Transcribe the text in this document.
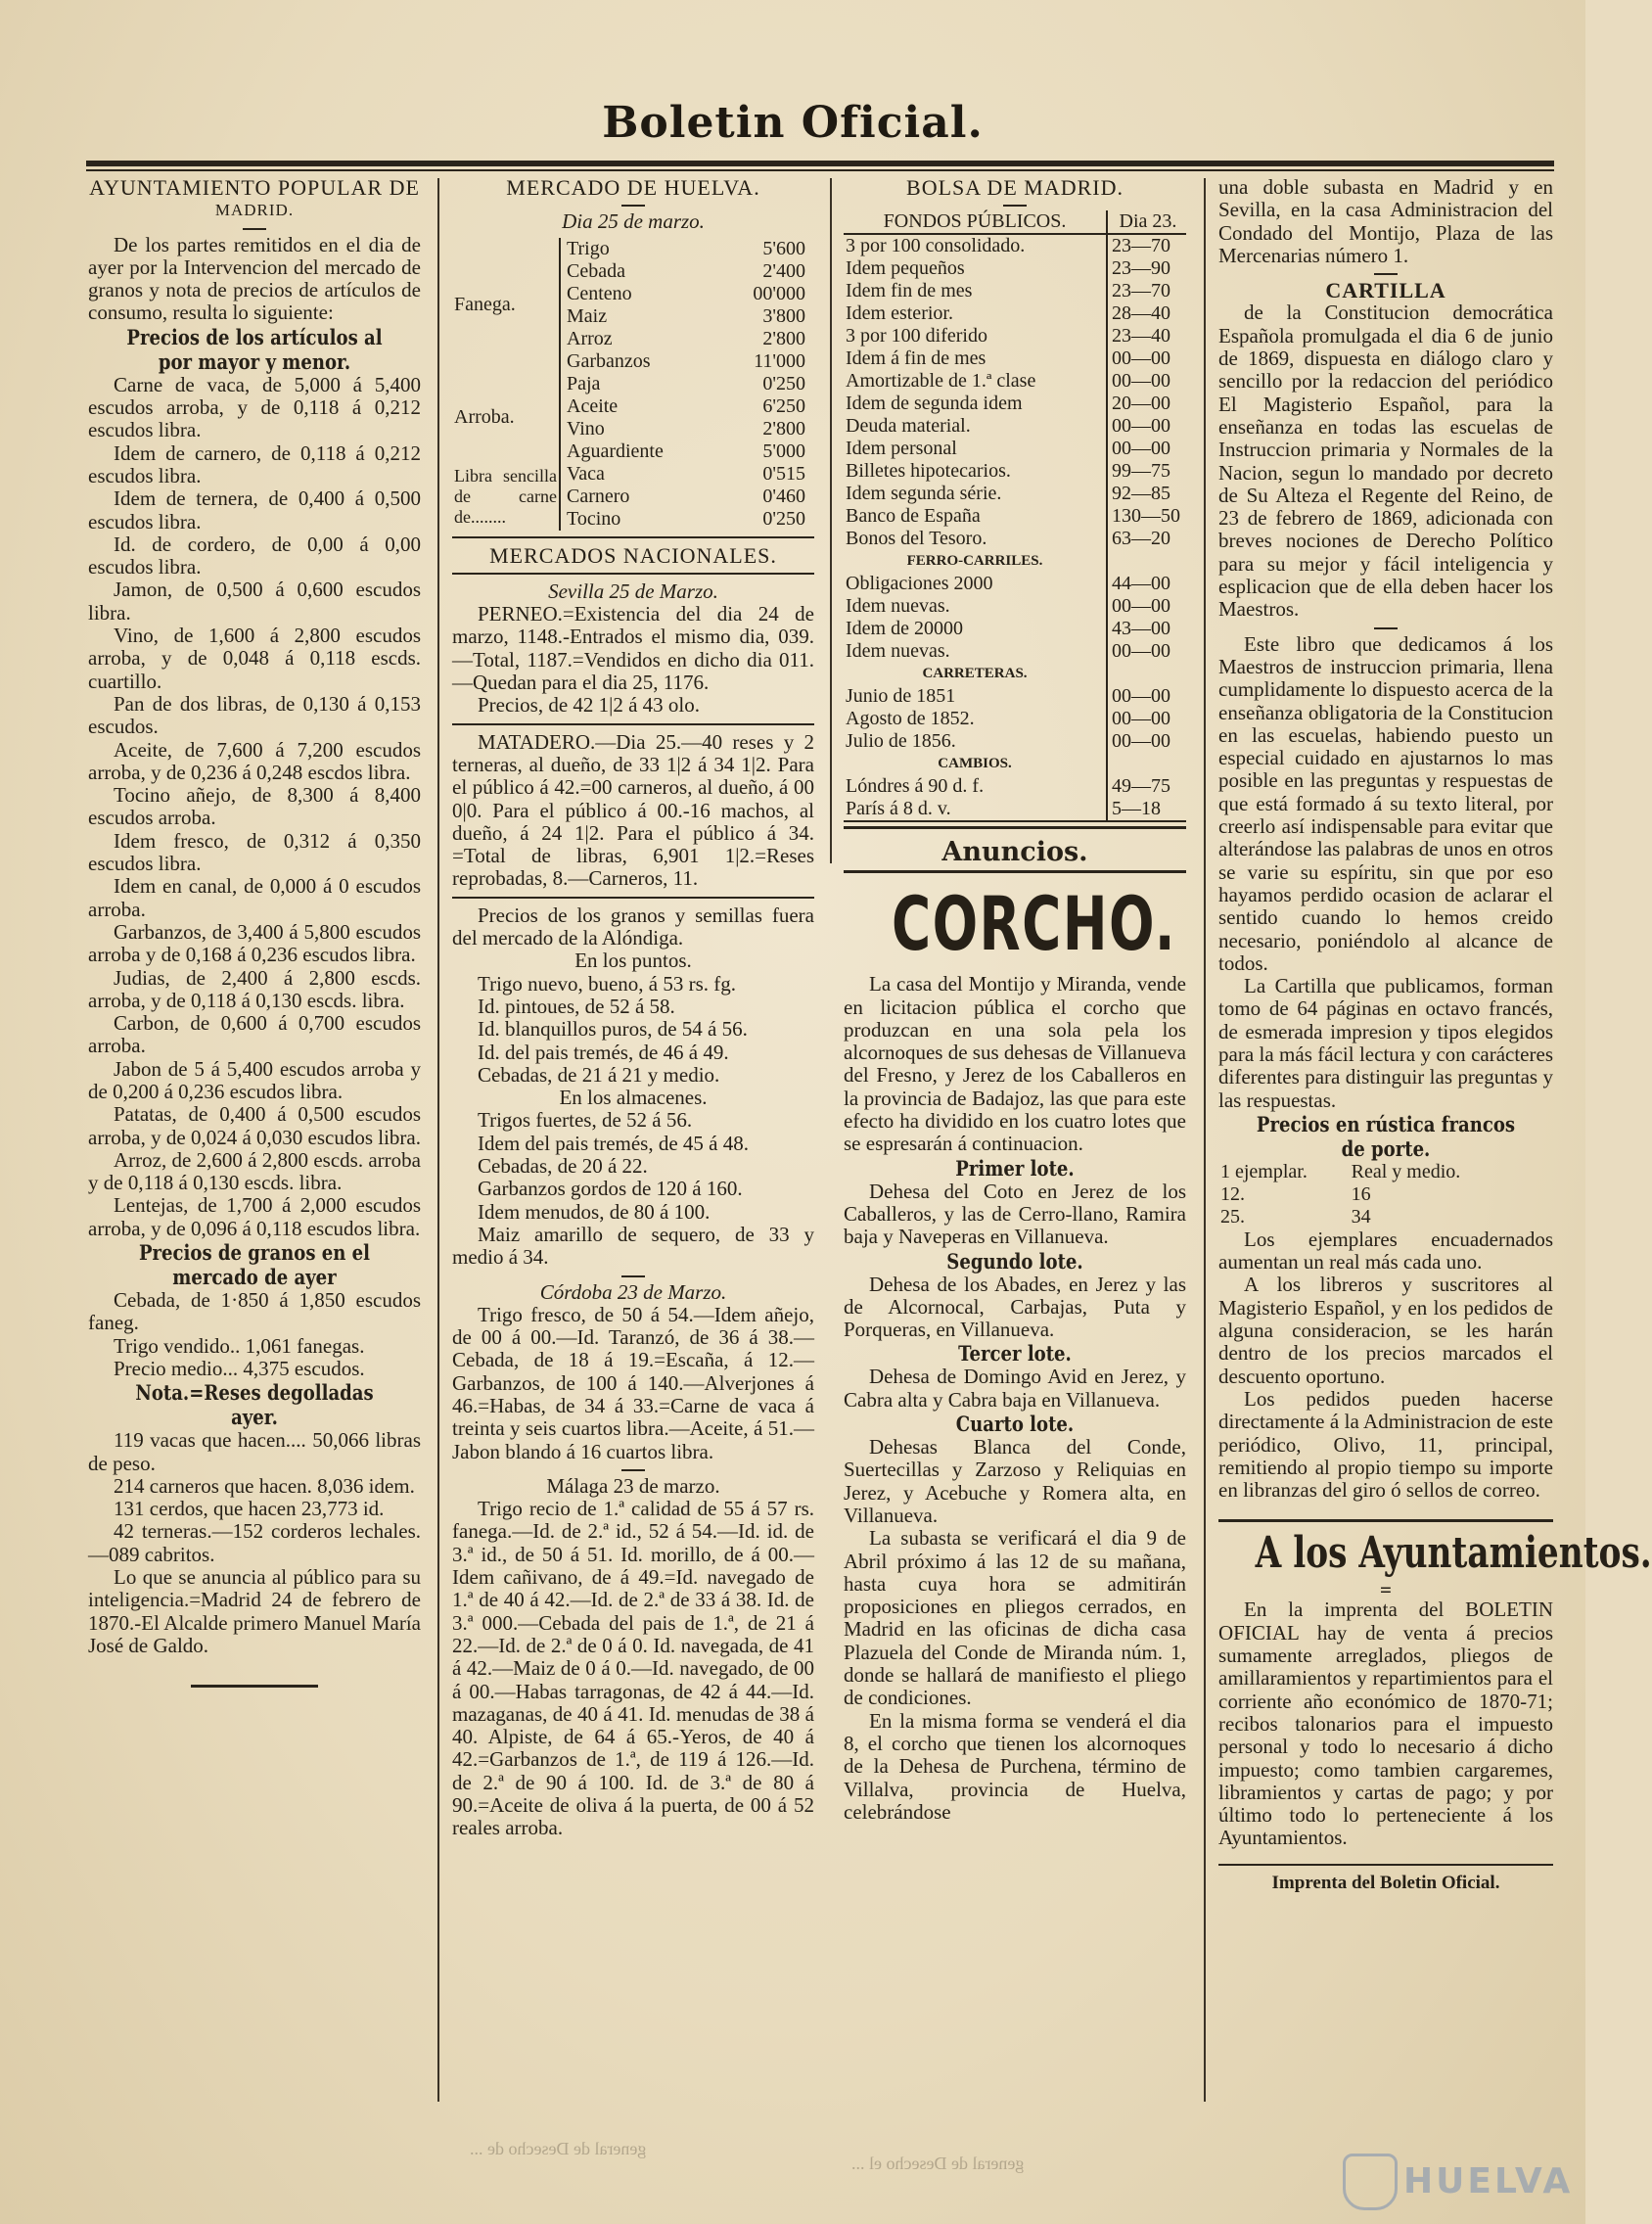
Boletin Oficial.
AYUNTAMIENTO POPULAR DE
MADRID.

De los partes remitidos en el dia de ayer por la Intervencion del mercado de granos y nota de precios de artículos de consumo, resulta lo siguiente:

Precios de los artículos al por mayor y menor.

Carne de vaca, de 5,000 á 5,400 escudos arroba, y de 0,118 á 0,212 escudos libra.

Idem de carnero, de 0,118 á 0,212 escudos libra.

Idem de ternera, de 0,400 á 0,500 escudos libra.

Id. de cordero, de 0,00 á 0,00 escudos libra.

Jamon, de 0,500 á 0,600 escudos libra.

Vino, de 1,600 á 2,800 escudos arroba, y de 0,048 á 0,118 escds. cuartillo.

Pan de dos libras, de 0,130 á 0,153 escudos.

Aceite, de 7,600 á 7,200 escudos arroba, y de 0,236 á 0,248 escdos libra.

Tocino añejo, de 8,300 á 8,400 escudos arroba.

Idem fresco, de 0,312 á 0,350 escudos libra.

Idem en canal, de 0,000 á 0 escudos arroba.

Garbanzos, de 3,400 á 5,800 escudos arroba y de 0,168 á 0,236 escudos libra.

Judias, de 2,400 á 2,800 escds. arroba, y de 0,118 á 0,130 escds. libra.

Carbon, de 0,600 á 0,700 escudos arroba.

Jabon de 5 á 5,400 escudos arroba y de 0,200 á 0,236 escudos libra.

Patatas, de 0,400 á 0,500 escudos arroba, y de 0,024 á 0,030 escudos libra.

Arroz, de 2,600 á 2,800 escds. arroba y de 0,118 á 0,130 escds. libra.

Lentejas, de 1,700 á 2,000 escudos arroba, y de 0,096 á 0,118 escudos libra.

Precios de granos en el mercado de ayer

Cebada, de 1·850 á 1,850 escudos faneg.

Trigo vendido.. 1,061 fanegas.

Precio medio... 4,375 escudos.

Nota.=Reses degolladas ayer.

119 vacas que hacen.... 50,066 libras de peso.

214 carneros que hacen. 8,036 idem.

131 cerdos, que hacen 23,773 id.

42 terneras.—152 corderos lechales.—089 cabritos.

Lo que se anuncia al público para su inteligencia.=Madrid 24 de febrero de 1870.-El Alcalde primero Manuel María José de Galdo.

MERCADO DE HUELVA.
Dia 25 de marzo.
Fanega.	Trigo	5'600
	Cebada	2'400
	Centeno	00'000
	Maiz	3'800
	Arroz	2'800
	Garbanzos	11'000
Arroba.	Paja	0'250
	Aceite	6'250
	Vino	2'800
	Aguardiente	5'000
Libra sencilla de carne de........	Vaca	0'515
	Carnero	0'460
	Tocino	0'250
MERCADOS NACIONALES.
Sevilla 25 de Marzo.

PERNEO.=Existencia del dia 24 de marzo, 1148.-Entrados el mismo dia, 039.—Total, 1187.=Vendidos en dicho dia 011.—Quedan para el dia 25, 1176.

Precios, de 42 1|2 á 43 olo.

MATADERO.—Dia 25.—40 reses y 2 terneras, al dueño, de 33 1|2 á 34 1|2. Para el público á 42.=00 carneros, al dueño, á 00 0|0. Para el público á 00.-16 machos, al dueño, á 24 1|2. Para el público á 34. =Total de libras, 6,901 1|2.=Reses reprobadas, 8.—Carneros, 11.

Precios de los granos y semillas fuera del mercado de la Alóndiga.

En los puntos.

Trigo nuevo, bueno, á 53 rs. fg.

Id. pintoues, de 52 á 58.

Id. blanquillos puros, de 54 á 56.

Id. del pais tremés, de 46 á 49.

Cebadas, de 21 á 21 y medio.

En los almacenes.

Trigos fuertes, de 52 á 56.

Idem del pais tremés, de 45 á 48.

Cebadas, de 20 á 22.

Garbanzos gordos de 120 á 160.

Idem menudos, de 80 á 100.

Maiz amarillo de sequero, de 33 y medio á 34.

Córdoba 23 de Marzo.

Trigo fresco, de 50 á 54.—Idem añejo, de 00 á 00.—Id. Taranzó, de 36 á 38.—Cebada, de 18 á 19.=Escaña, á 12.—Garbanzos, de 100 á 140.—Alverjones á 46.=Habas, de 34 á 33.=Carne de vaca á treinta y seis cuartos libra.—Aceite, á 51.—Jabon blando á 16 cuartos libra.

Málaga 23 de marzo.

Trigo recio de 1.ª calidad de 55 á 57 rs. fanega.—Id. de 2.ª id., 52 á 54.—Id. id. de 3.ª id., de 50 á 51. Id. morillo, de á 00.—Idem cañivano, de á 49.=Id. navegado de 1.ª de 40 á 42.—Id. de 2.ª de 33 á 38. Id. de 3.ª 000.—Cebada del pais de 1.ª, de 21 á 22.—Id. de 2.ª de 0 á 0. Id. navegada, de 41 á 42.—Maiz de 0 á 0.—Id. navegado, de 00 á 00.—Habas tarragonas, de 42 á 44.—Id. mazaganas, de 40 á 41. Id. menudas de 38 á 40. Alpiste, de 64 á 65.-Yeros, de 40 á 42.=Garbanzos de 1.ª, de 119 á 126.—Id. de 2.ª de 90 á 100. Id. de 3.ª de 80 á 90.=Aceite de oliva á la puerta, de 00 á 52 reales arroba.

BOLSA DE MADRID.
FONDOS PÚBLICOS.	Dia 23.
3 por 100 consolidado.	23—70
Idem pequeños	23—90
Idem fin de mes	23—70
Idem esterior.	28—40
3 por 100 diferido	23—40
Idem á fin de mes	00—00
Amortizable de 1.ª clase	00—00
Idem de segunda idem	20—00
Deuda material.	00—00
Idem personal	00—00
Billetes hipotecarios.	99—75
Idem segunda série.	92—85
Banco de España	130—50
Bonos del Tesoro.	63—20
FERRO-CARRILES.	
Obligaciones 2000	44—00
Idem nuevas.	00—00
Idem de 20000	43—00
Idem nuevas.	00—00
CARRETERAS.	
Junio de 1851	00—00
Agosto de 1852.	00—00
Julio de 1856.	00—00
CAMBIOS.	
Lóndres á 90 d. f.	49—75
París á 8 d. v.	5—18
Anuncios.
CORCHO.

La casa del Montijo y Miranda, vende en licitacion pública el corcho que produzcan en una sola pela los alcornoques de sus dehesas de Villanueva del Fresno, y Jerez de los Caballeros en la provincia de Badajoz, las que para este efecto ha dividido en los cuatro lotes que se espresarán á continuacion.

Primer lote.

Dehesa del Coto en Jerez de los Caballeros, y las de Cerro-llano, Ramira baja y Naveperas en Villanueva.

Segundo lote.

Dehesa de los Abades, en Jerez y las de Alcornocal, Carbajas, Puta y Porqueras, en Villanueva.

Tercer lote.

Dehesa de Domingo Avid en Jerez, y Cabra alta y Cabra baja en Villanueva.

Cuarto lote.

Dehesas Blanca del Conde, Suertecillas y Zarzoso y Reliquias en Jerez, y Acebuche y Romera alta, en Villanueva.

La subasta se verificará el dia 9 de Abril próximo á las 12 de su mañana, hasta cuya hora se admitirán proposiciones en pliegos cerrados, en Madrid en las oficinas de dicha casa Plazuela del Conde de Miranda núm. 1, donde se hallará de manifiesto el pliego de condiciones.

En la misma forma se venderá el dia 8, el corcho que tienen los alcornoques de la Dehesa de Purchena, término de Villalva, provincia de Huelva, celebrándose

una doble subasta en Madrid y en Sevilla, en la casa Administracion del Condado del Montijo, Plaza de las Mercenarias número 1.

CARTILLA

de la Constitucion democrática Española promulgada el dia 6 de junio de 1869, dispuesta en diálogo claro y sencillo por la redaccion del periódico El Magisterio Español, para la enseñanza en todas las escuelas de Instruccion primaria y Normales de la Nacion, segun lo mandado por decreto de Su Alteza el Regente del Reino, de 23 de febrero de 1869, adicionada con breves nociones de Derecho Político para su mejor y fácil inteligencia y esplicacion que de ella deben hacer los Maestros.

Este libro que dedicamos á los Maestros de instruccion primaria, llena cumplidamente lo dispuesto acerca de la enseñanza obligatoria de la Constitucion en las escuelas, habiendo puesto un especial cuidado en ajustarnos lo mas posible en las preguntas y respuestas de que está formado á su texto literal, por creerlo así indispensable para evitar que alterándose las palabras de unos en otros se varie su espíritu, sin que por eso hayamos perdido ocasion de aclarar el sentido cuando lo hemos creido necesario, poniéndolo al alcance de todos.

La Cartilla que publicamos, forman tomo de 64 páginas en octavo francés, de esmerada impresion y tipos elegidos para la más fácil lectura y con carácteres diferentes para distinguir las preguntas y las respuestas.

Precios en rústica francos de porte.
1 ejemplar.	Real y medio.
12.	16
25.	34

Los ejemplares encuadernados aumentan un real más cada uno.

A los libreros y suscritores al Magisterio Español, y en los pedidos de alguna consideracion, se les harán dentro de los precios marcados el descuento oportuno.

Los pedidos pueden hacerse directamente á la Administracion de este periódico, Olivo, 11, principal, remitiendo al propio tiempo su importe en libranzas del giro ó sellos de correo.

A los Ayuntamientos.
=

En la imprenta del BOLETIN OFICIAL hay de venta á precios sumamente arreglados, pliegos de amillaramientos y repartimientos para el corriente año económico de 1870-71; recibos talonarios para el impuesto personal y todo lo necesario á dicho impuesto; como tambien cargaremes, libramientos y cartas de pago; y por último todo lo perteneciente á los Ayuntamientos.

Imprenta del Boletin Oficial.
general de Desecho de ...
general de Desecho el ...	HUELVA
